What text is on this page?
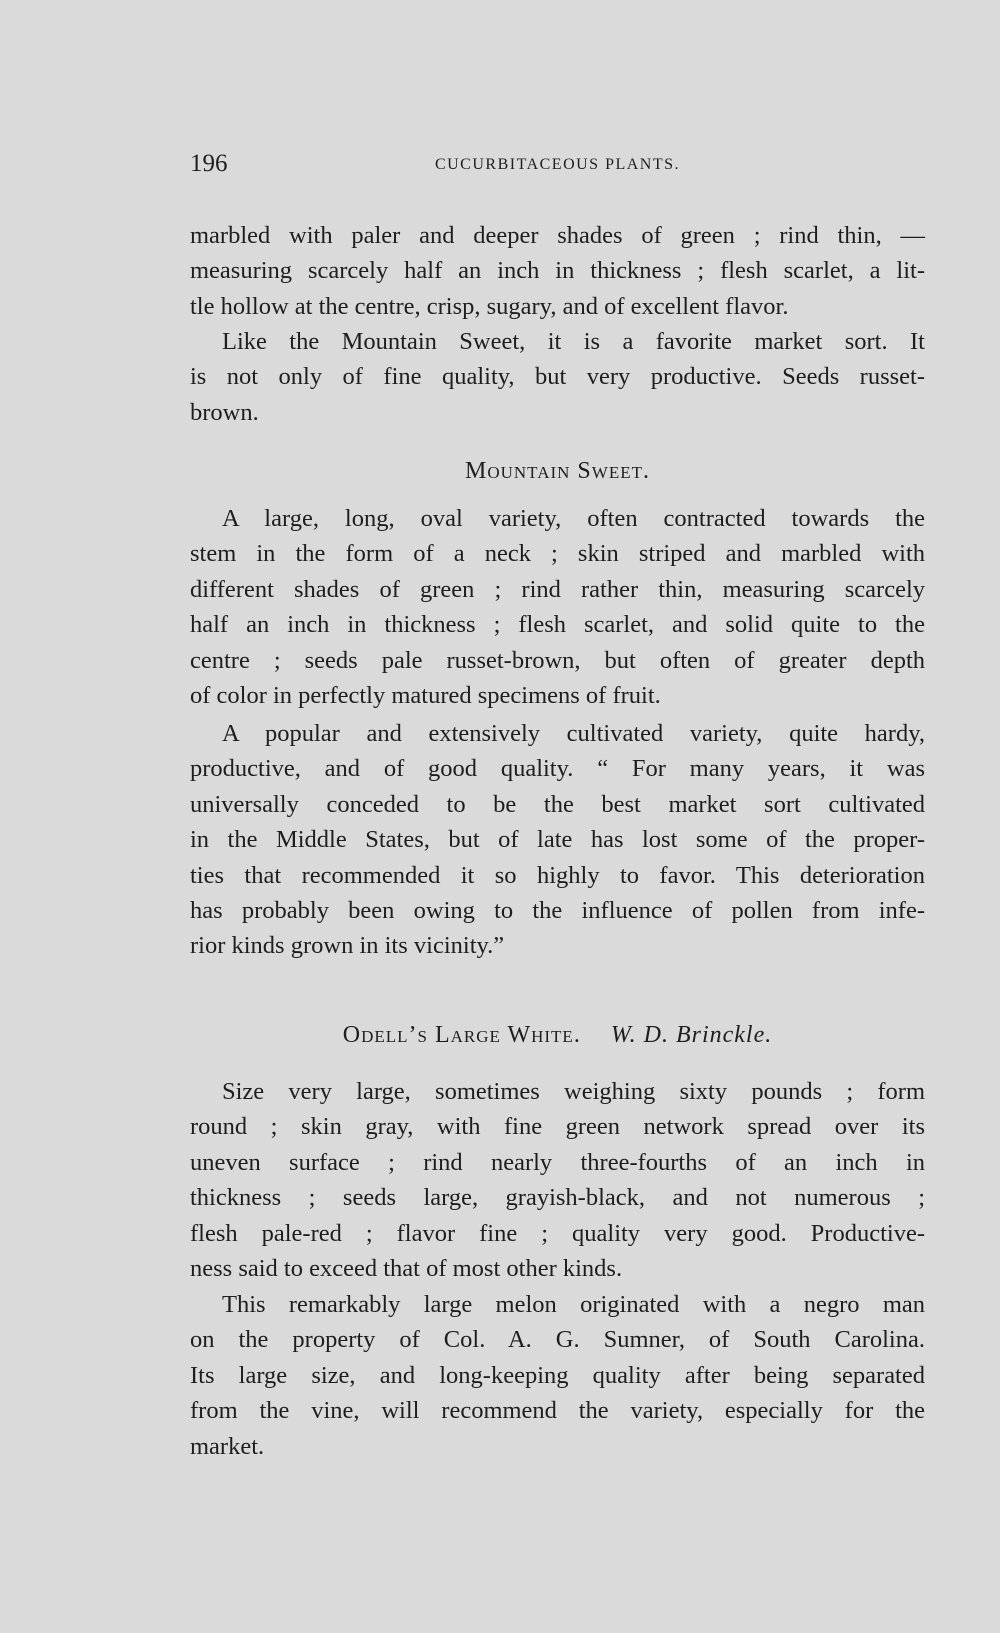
196	CUCURBITACEOUS PLANTS.
marbled with paler and deeper shades of green ; rind thin, —
measuring scarcely half an inch in thickness ; flesh scarlet, a lit-
tle hollow at the centre, crisp, sugary, and of excellent flavor.
Like the Mountain Sweet, it is a favorite market sort. It
is not only of fine quality, but very productive. Seeds russet-
brown.
Mountain Sweet.
A large, long, oval variety, often contracted towards the
stem in the form of a neck ; skin striped and marbled with
different shades of green ; rind rather thin, measuring scarcely
half an inch in thickness ; flesh scarlet, and solid quite to the
centre ; seeds pale russet-brown, but often of greater depth
of color in perfectly matured specimens of fruit.
A popular and extensively cultivated variety, quite hardy,
productive, and of good quality. “ For many years, it was
universally conceded to be the best market sort cultivated
in the Middle States, but of late has lost some of the proper-
ties that recommended it so highly to favor. This deterioration
has probably been owing to the influence of pollen from infe-
rior kinds grown in its vicinity.”
Odell’s Large White. W. D. Brinckle.
Size very large, sometimes weighing sixty pounds ; form
round ; skin gray, with fine green network spread over its
uneven surface ; rind nearly three-fourths of an inch in
thickness ; seeds large, grayish-black, and not numerous ;
flesh pale-red ; flavor fine ; quality very good. Productive-
ness said to exceed that of most other kinds.
This remarkably large melon originated with a negro man
on the property of Col. A. G. Sumner, of South Carolina.
Its large size, and long-keeping quality after being separated
from the vine, will recommend the variety, especially for the
market.
